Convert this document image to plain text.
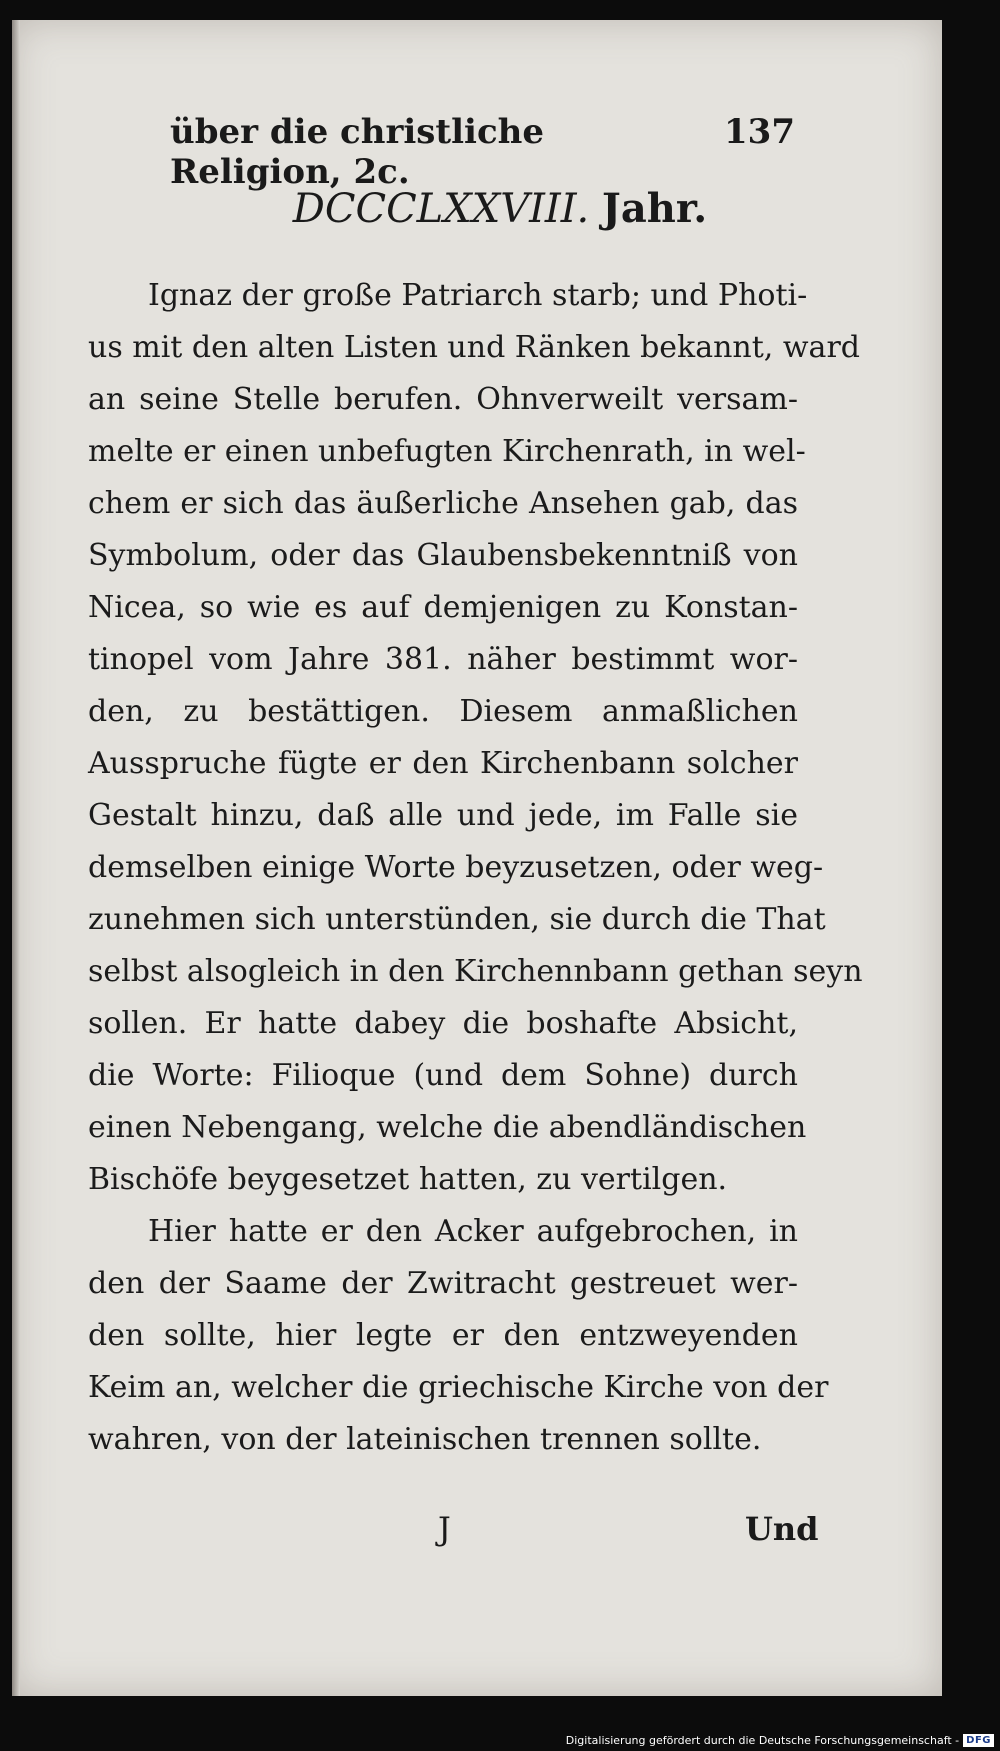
über die christliche Religion, 2c.
137
DCCCLXXVIII. Jahr.
Ignaz der große Patriarch starb; und Photi-
us mit den alten Listen und Ränken bekannt, ward
an seine Stelle berufen. Ohnverweilt versam-
melte er einen unbefugten Kirchenrath, in wel-
chem er sich das äußerliche Ansehen gab, das
Symbolum, oder das Glaubensbekenntniß von
Nicea, so wie es auf demjenigen zu Konstan-
tinopel vom Jahre 381. näher bestimmt wor-
den, zu bestättigen. Diesem anmaßlichen
Ausspruche fügte er den Kirchenbann solcher
Gestalt hinzu, daß alle und jede, im Falle sie
demselben einige Worte beyzusetzen, oder weg-
zunehmen sich unterstünden, sie durch die That
selbst alsogleich in den Kirchennbann gethan seyn
sollen. Er hatte dabey die boshafte Absicht,
die Worte: Filioque (und dem Sohne) durch
einen Nebengang, welche die abendländischen
Bischöfe beygesetzet hatten, zu vertilgen.
Hier hatte er den Acker aufgebrochen, in
den der Saame der Zwitracht gestreuet wer-
den sollte, hier legte er den entzweyenden
Keim an, welcher die griechische Kirche von der
wahren, von der lateinischen trennen sollte.
J	Und
Digitalisierung gefördert durch die Deutsche Forschungsgemeinschaft - DFG
